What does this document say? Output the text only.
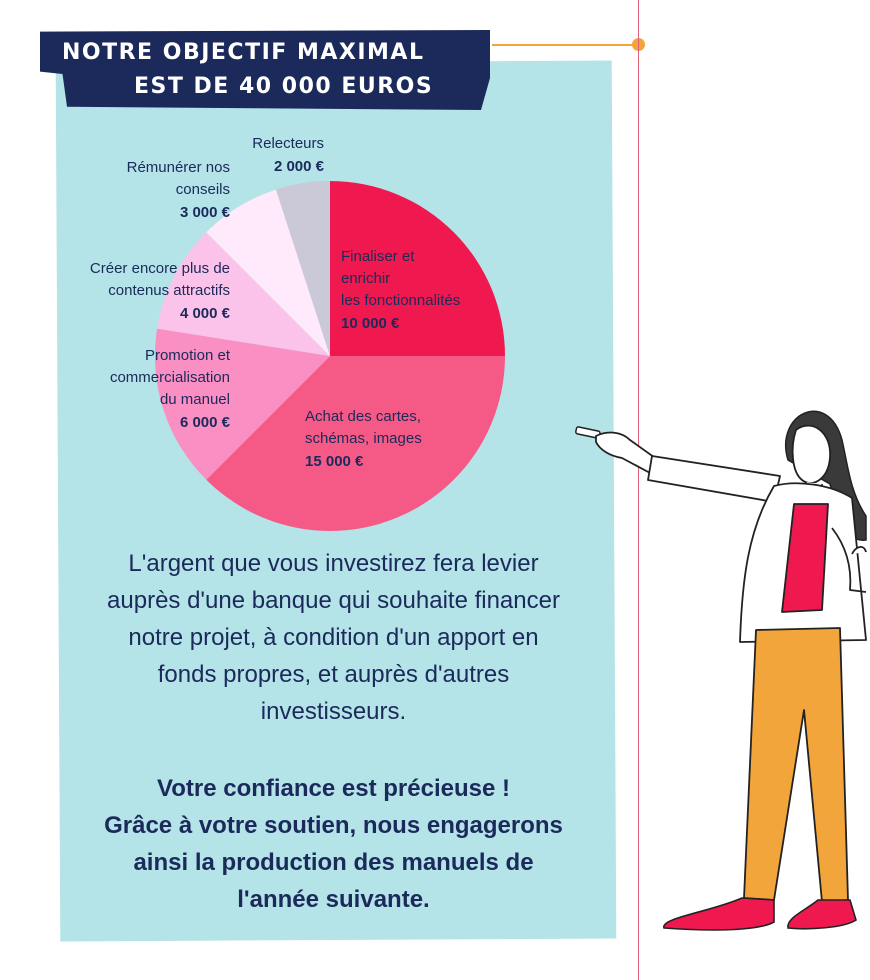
NOTRE OBJECTIF MAXIMAL
EST DE 40 000 EUROS
Finaliser et
enrichir
les fonctionnalités
10 000 €
Achat des cartes,
schémas, images
15 000 €
Promotion et
commercialisation
du manuel
6 000 €
Créer encore plus de
contenus attractifs
4 000 €
Rémunérer nos
conseils
3 000 €
Relecteurs
2 000 €
L'argent que vous investirez fera levier
auprès d'une banque qui souhaite financer
notre projet, à condition d'un apport en
fonds propres, et auprès d'autres
investisseurs.
Votre confiance est précieuse !
Grâce à votre soutien, nous engagerons
ainsi la production des manuels de
l'année suivante.
